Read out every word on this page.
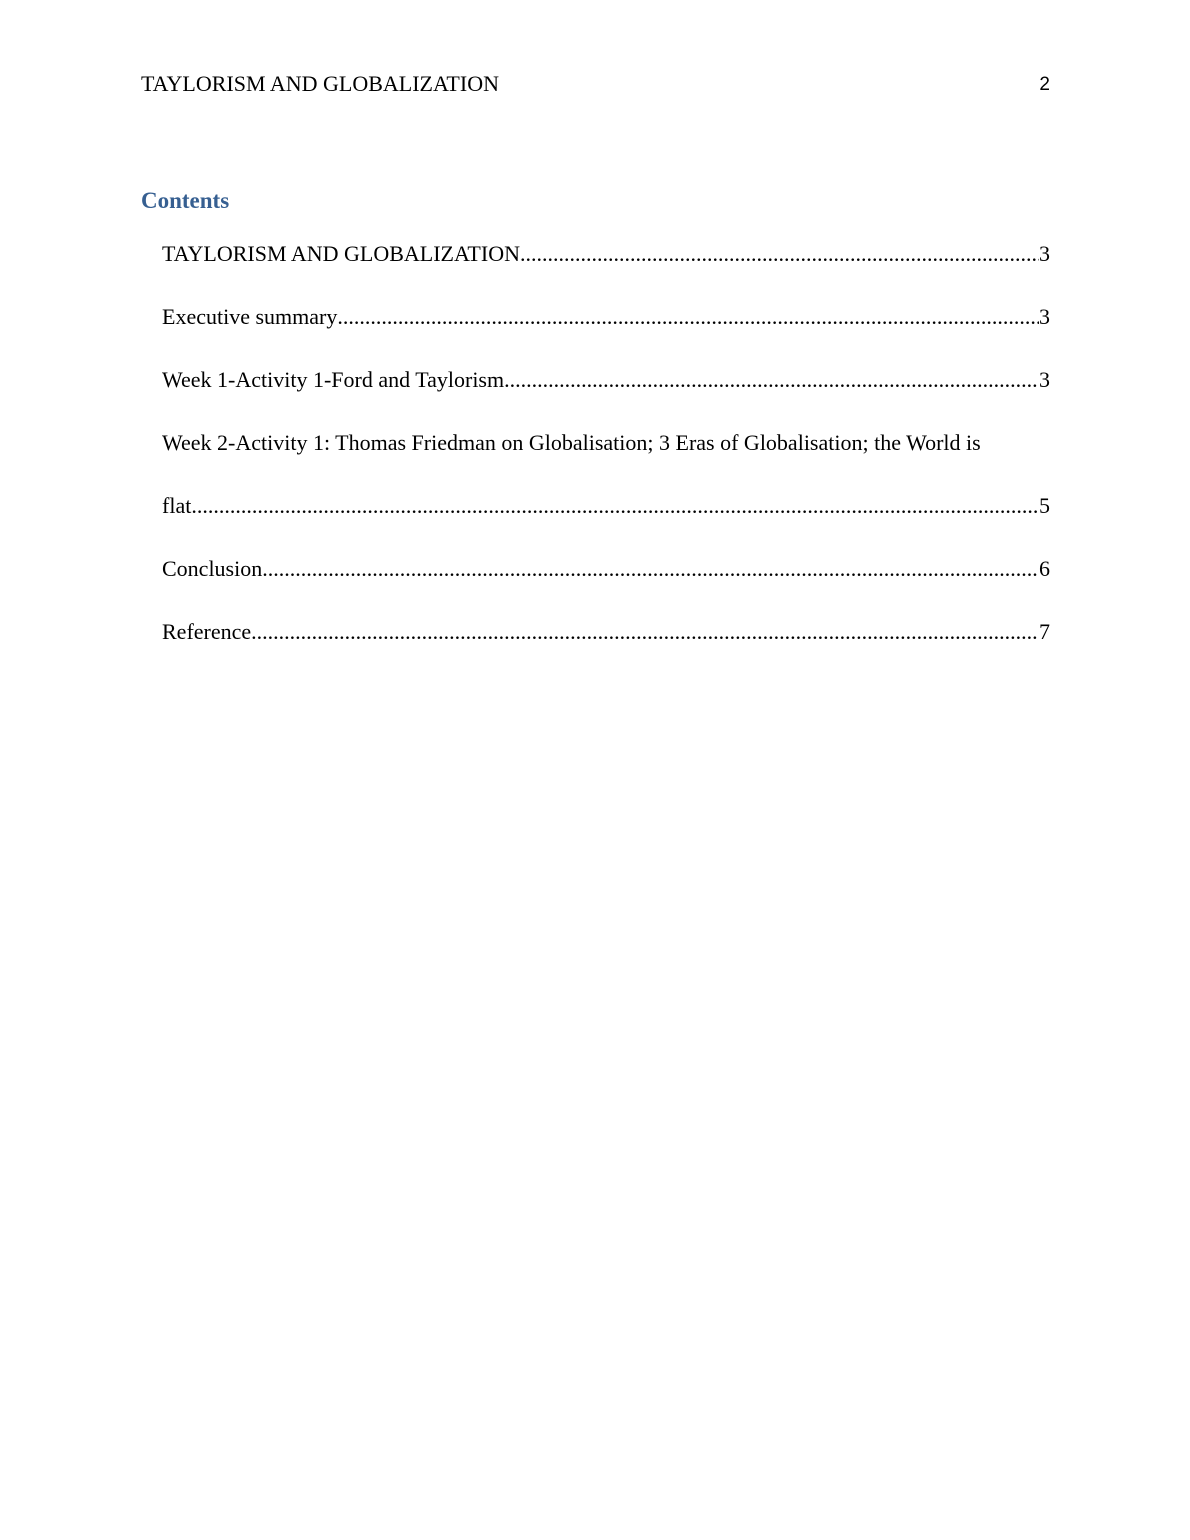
TAYLORISM AND GLOBALIZATION	2
Contents
TAYLORISM AND GLOBALIZATION .....	3
Executive summary .....	3
Week 1-Activity 1-Ford and Taylorism .....	3
Week 2-Activity 1: Thomas Friedman on Globalisation; 3 Eras of Globalisation; the World is
flat .....	5
Conclusion .....	6
Reference .....	7
